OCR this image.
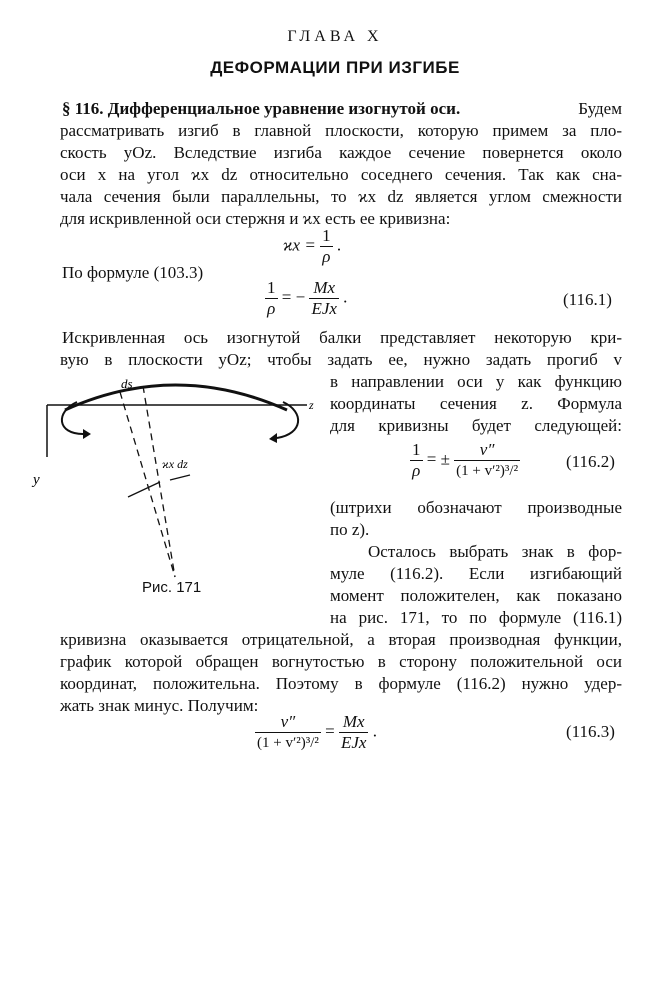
ГЛАВА X
ДЕФОРМАЦИИ ПРИ ИЗГИБЕ
§ 116. Дифференциальное уравнение изогнутой оси.	Будем
рассматривать изгиб в главной плоскости, которую примем за пло-
скость yOz. Вследствие изгиба каждое сечение повернется около
оси x на угол ϰx dz относительно соседнего сечения. Так как сна-
чала сечения были параллельны, то ϰx dz является углом смежности
для искривленной оси стержня и ϰx есть ее кривизна:
$ϰx = \frac{1}{\rho}$ .
По формуле (103.3)
$\frac{1}{\rho}$ = − $\frac{Mx}{\text{EJx}}$ .	(116.1)
Искривленная ось изогнутой балки представляет некоторую кри-
вую в плоскости yOz; чтобы задать ее, нужно задать прогиб v
в направлении оси y как функцию
координаты сечения z. Формула
для кривизны будет следующей:
$\frac{1}{\rho}$ = ± $\frac{v''}{\text{(1 + v′²)³/²}}$	(116.2)
(штрихи обозначают производные
по z).
Осталось выбрать знак в фор-
муле (116.2). Если изгибающий
момент положителен, как показано
на рис. 171, то по формуле (116.1)
кривизна оказывается отрицательной, а вторая производная функции,
график которой обращен вогнутостью в сторону положительной оси
координат, положительна. Поэтому в формуле (116.2) нужно удер-
жать знак минус. Получим:
$\frac{v''}{\text{(1 + v′²)³/²}} = \frac{Mx}{\text{EJx}}$ .	(116.3)
ds
z
y
ϰx dz
Рис. 171
